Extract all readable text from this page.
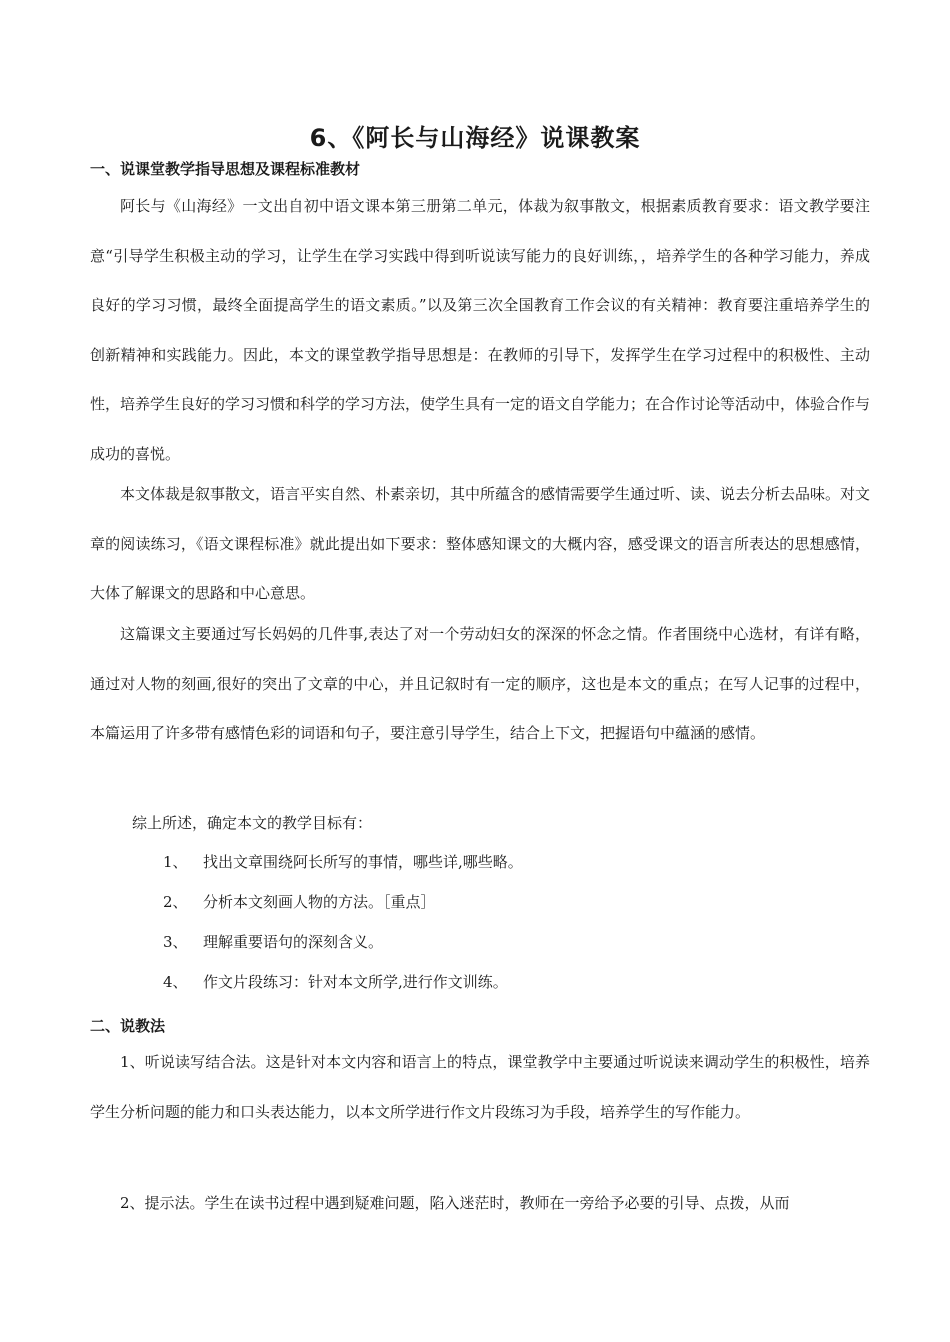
6、《阿长与山海经》说课教案
一、说课堂教学指导思想及课程标准教材

阿长与《山海经》一文出自初中语文课本第三册第二单元，体裁为叙事散文，根据素质教育要求：语文教学要注意“引导学生积极主动的学习，让学生在学习实践中得到听说读写能力的良好训练，，培养学生的各种学习能力，养成良好的学习习惯，最终全面提高学生的语文素质。”以及第三次全国教育工作会议的有关精神：教育要注重培养学生的创新精神和实践能力。因此，本文的课堂教学指导思想是：在教师的引导下，发挥学生在学习过程中的积极性、主动性，培养学生良好的学习习惯和科学的学习方法，使学生具有一定的语文自学能力；在合作讨论等活动中，体验合作与成功的喜悦。

本文体裁是叙事散文，语言平实自然、朴素亲切，其中所蕴含的感情需要学生通过听、读、说去分析去品味。对文章的阅读练习，《语文课程标准》就此提出如下要求：整体感知课文的大概内容，感受课文的语言所表达的思想感情，大体了解课文的思路和中心意思。

这篇课文主要通过写长妈妈的几件事,表达了对一个劳动妇女的深深的怀念之情。作者围绕中心选材，有详有略，通过对人物的刻画,很好的突出了文章的中心，并且记叙时有一定的顺序，这也是本文的重点；在写人记事的过程中，本篇运用了许多带有感情色彩的词语和句子，要注意引导学生，结合上下文，把握语句中蕴涵的感情。

综上所述，确定本文的教学目标有：

1、 找出文章围绕阿长所写的事情，哪些详,哪些略。
2、 分析本文刻画人物的方法。［重点］
3、 理解重要语句的深刻含义。
4、 作文片段练习：针对本文所学,进行作文训练。
二、说教法

1、听说读写结合法。这是针对本文内容和语言上的特点，课堂教学中主要通过听说读来调动学生的积极性，培养学生分析问题的能力和口头表达能力，以本文所学进行作文片段练习为手段，培养学生的写作能力。

2、提示法。学生在读书过程中遇到疑难问题，陷入迷茫时，教师在一旁给予必要的引导、点拨，从而
